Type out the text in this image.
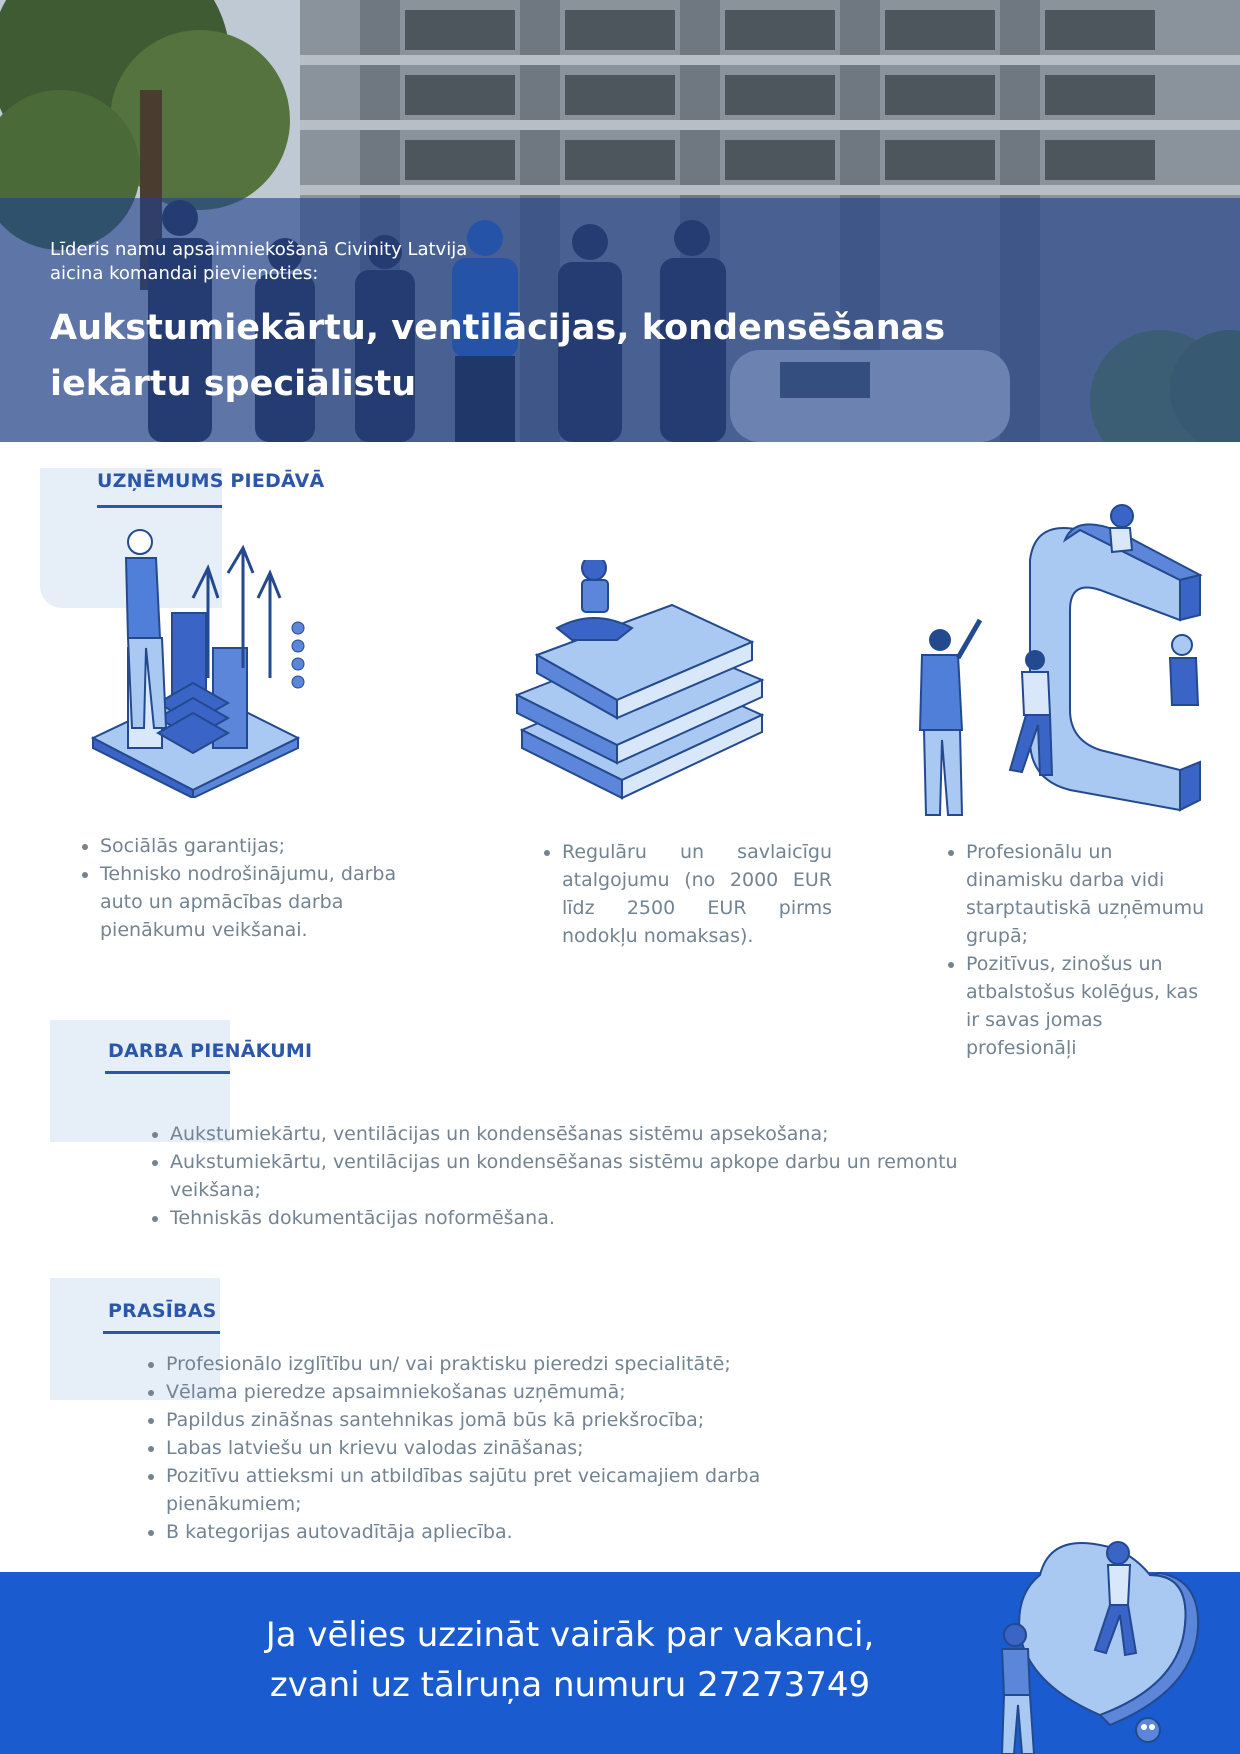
Līderis namu apsaimniekošanā Civinity Latvija
aicina komandai pievienoties:
Aukstumiekārtu, ventilācijas, kondensēšanas
iekārtu speciālistu
UZŅĒMUMS PIEDĀVĀ
• Sociālās garantijas;
• Tehnisko nodrošinājumu, darba auto un apmācības darba pienākumu veikšanai.
• Regulāru un savlaicīgu atalgojumu (no 2000 EUR līdz 2500 EUR pirms nodokļu nomaksas).
• Profesionālu un dinamisku darba vidi starptautiskā uzņēmumu grupā;
• Pozitīvus, zinošus un atbalstošus kolēģus, kas ir savas jomas profesionāļi
DARBA PIENĀKUMI
• Aukstumiekārtu, ventilācijas un kondensēšanas sistēmu apsekošana;
• Aukstumiekārtu, ventilācijas un kondensēšanas sistēmu apkope darbu un remontu veikšana;
• Tehniskās dokumentācijas noformēšana.
PRASĪBAS
• Profesionālo izglītību un/ vai praktisku pieredzi specialitātē;
• Vēlama pieredze apsaimniekošanas uzņēmumā;
• Papildus zināšnas santehnikas jomā būs kā priekšrocība;
• Labas latviešu un krievu valodas zināšanas;
• Pozitīvu attieksmi un atbildības sajūtu pret veicamajiem darba pienākumiem;
• B kategorijas autovadītāja apliecība.
Ja vēlies uzzināt vairāk par vakanci,
zvani uz tālruņa numuru 27273749
